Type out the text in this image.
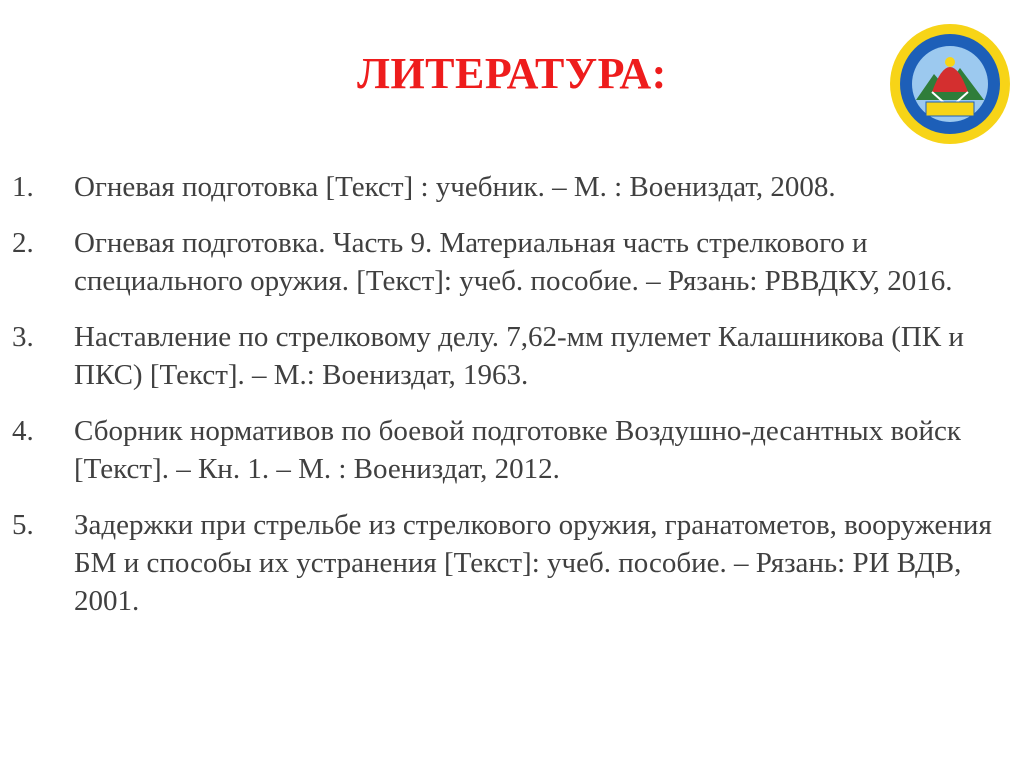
ЛИТЕРАТУРА:
1. Огневая подготовка [Текст] : учебник. – М. : Воениздат, 2008.
2. Огневая подготовка. Часть 9. Материальная часть стрелкового и специального оружия. [Текст]: учеб. пособие. – Рязань: РВВДКУ, 2016.
3. Наставление по стрелковому делу. 7,62-мм пулемет Калашникова (ПК и ПКС) [Текст]. – М.: Воениздат, 1963.
4. Сборник нормативов по боевой подготовке Воздушно-десантных войск [Текст]. – Кн. 1. – М. : Воениздат, 2012.
5. Задержки при стрельбе из стрелкового оружия, гранатометов, вооружения БМ и способы их устранения [Текст]: учеб. пособие. – Рязань: РИ ВДВ, 2001.
